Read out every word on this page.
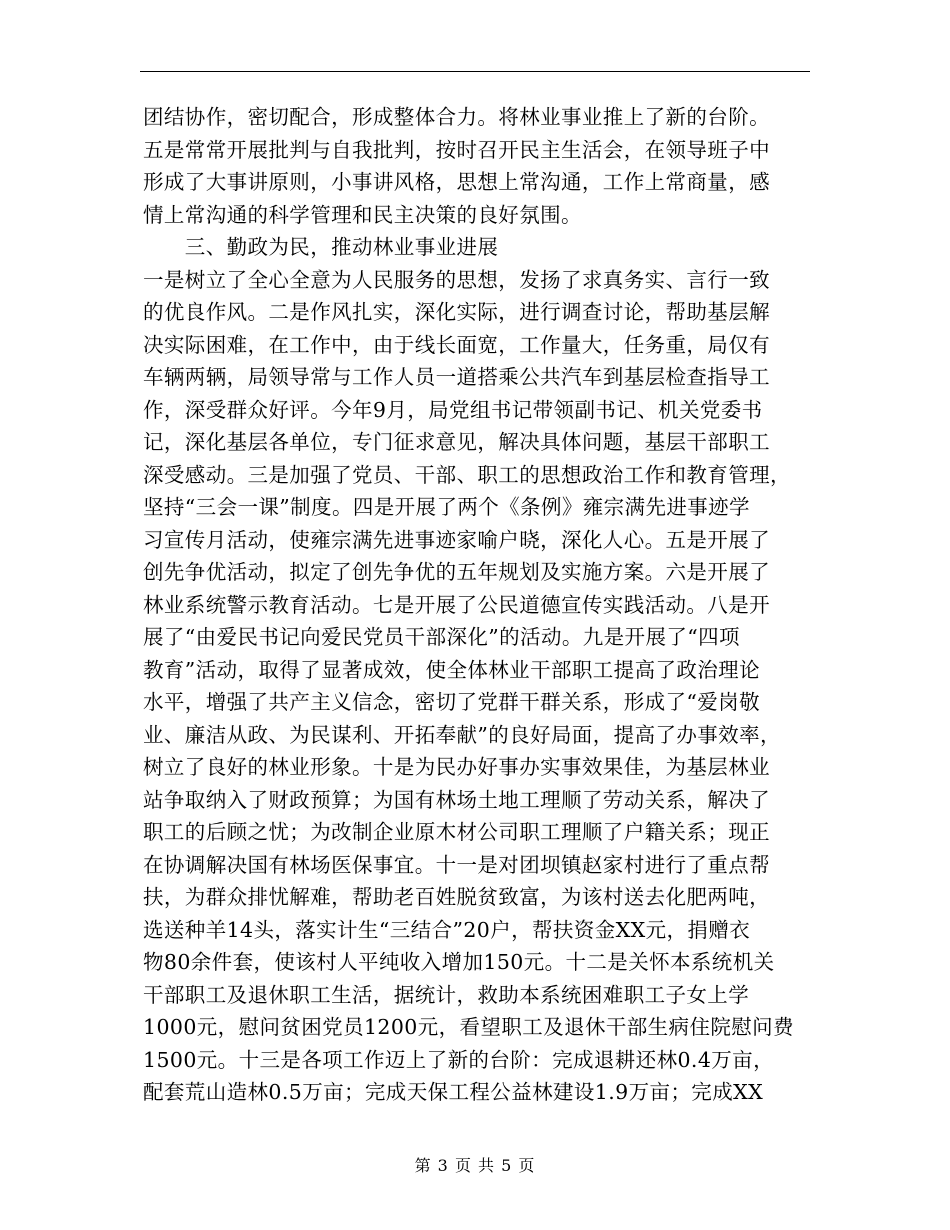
团结协作，密切配合，形成整体合力。将林业事业推上了新的台阶。
五是常常开展批判与自我批判，按时召开民主生活会，在领导班子中
形成了大事讲原则，小事讲风格，思想上常沟通，工作上常商量，感
情上常沟通的科学管理和民主决策的良好氛围。
　　三、勤政为民，推动林业事业进展
一是树立了全心全意为人民服务的思想，发扬了求真务实、言行一致
的优良作风。二是作风扎实，深化实际，进行调查讨论，帮助基层解
决实际困难，在工作中，由于线长面宽，工作量大，任务重，局仅有
车辆两辆，局领导常与工作人员一道搭乘公共汽车到基层检查指导工
作，深受群众好评。今年9月，局党组书记带领副书记、机关党委书
记，深化基层各单位，专门征求意见，解决具体问题，基层干部职工
深受感动。三是加强了党员、干部、职工的思想政治工作和教育管理，
坚持“三会一课”制度。四是开展了两个《条例》雍宗满先进事迹学
习宣传月活动，使雍宗满先进事迹家喻户晓，深化人心。五是开展了
创先争优活动，拟定了创先争优的五年规划及实施方案。六是开展了
林业系统警示教育活动。七是开展了公民道德宣传实践活动。八是开
展了“由爱民书记向爱民党员干部深化”的活动。九是开展了“四项
教育”活动，取得了显著成效，使全体林业干部职工提高了政治理论
水平，增强了共产主义信念，密切了党群干群关系，形成了“爱岗敬
业、廉洁从政、为民谋利、开拓奉献”的良好局面，提高了办事效率，
树立了良好的林业形象。十是为民办好事办实事效果佳，为基层林业
站争取纳入了财政预算；为国有林场土地工理顺了劳动关系，解决了
职工的后顾之忧；为改制企业原木材公司职工理顺了户籍关系；现正
在协调解决国有林场医保事宜。十一是对团坝镇赵家村进行了重点帮
扶，为群众排忧解难，帮助老百姓脱贫致富，为该村送去化肥两吨，
选送种羊14头，落实计生“三结合”20户，帮扶资金XX元，捐赠衣
物80余件套，使该村人平纯收入增加150元。十二是关怀本系统机关
干部职工及退休职工生活，据统计，救助本系统困难职工子女上学
1000元，慰问贫困党员1200元，看望职工及退休干部生病住院慰问费
1500元。十三是各项工作迈上了新的台阶：完成退耕还林0.4万亩，
配套荒山造林0.5万亩；完成天保工程公益林建设1.9万亩；完成XX
第 3 页 共 5 页
